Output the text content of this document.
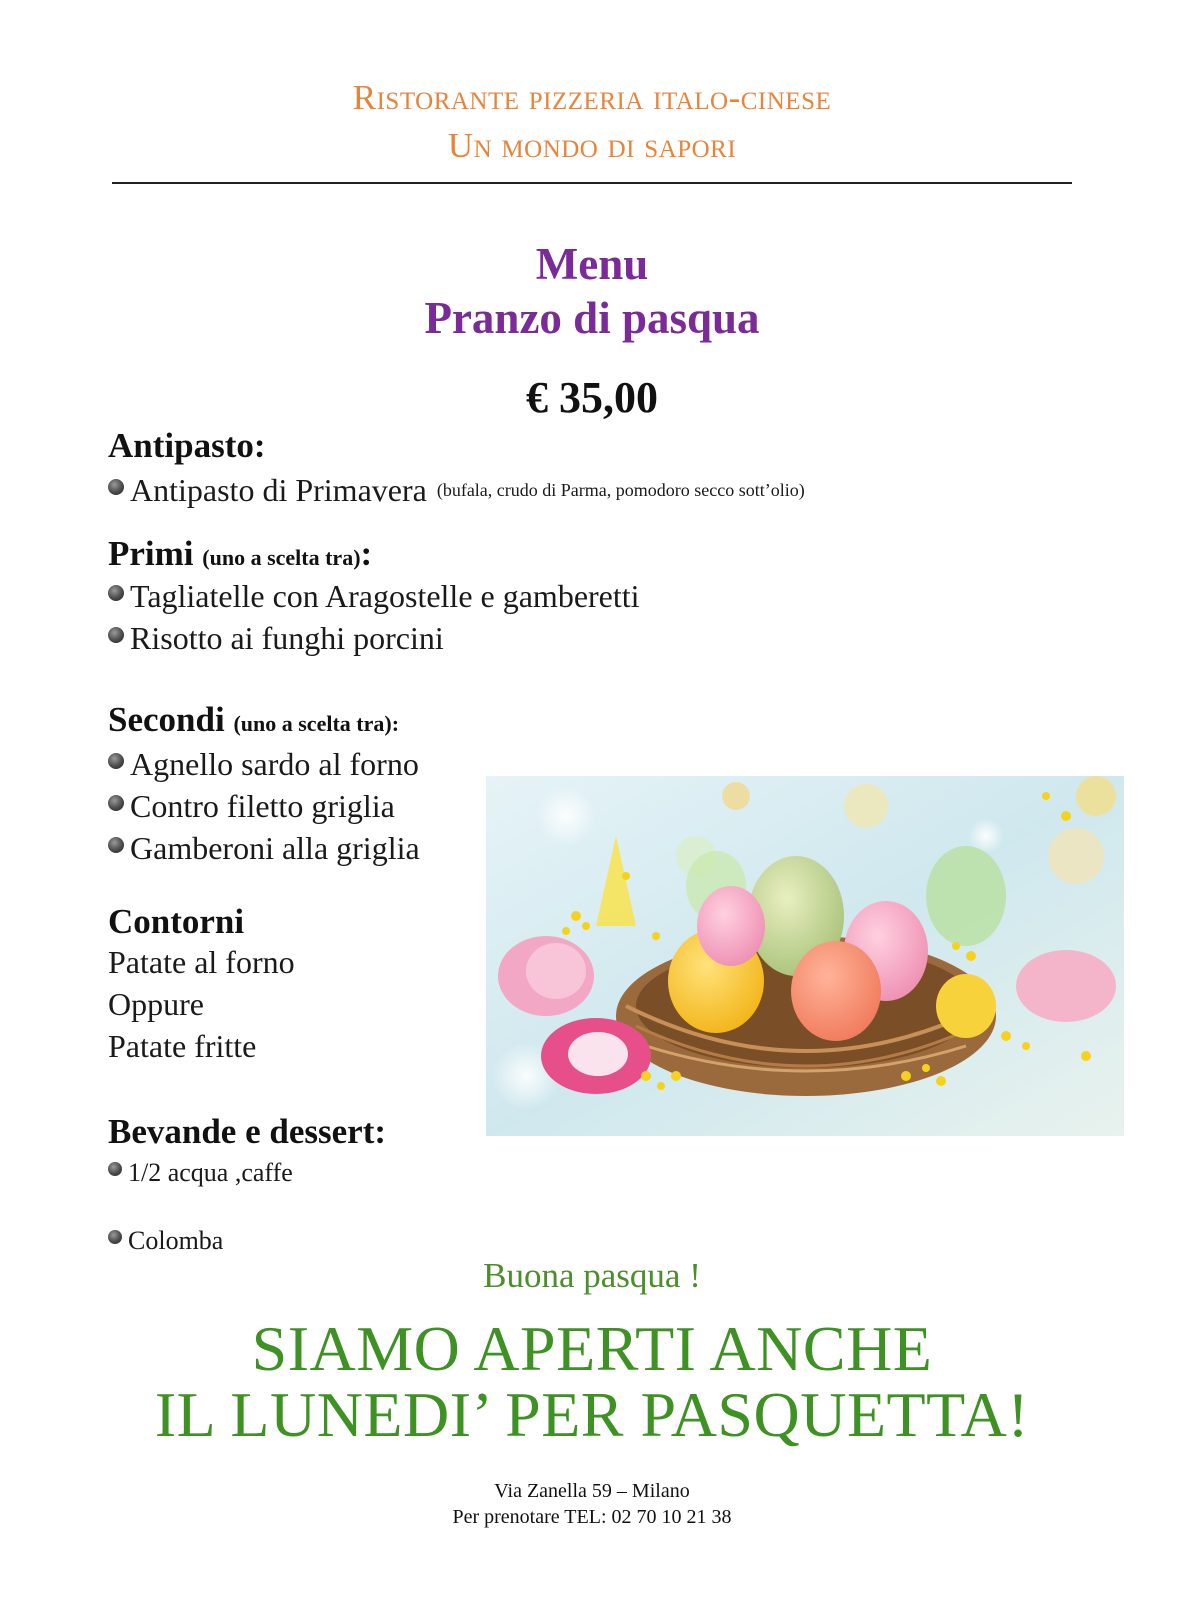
Ristorante pizzeria italo-cinese
Un mondo di sapori
Menu
Pranzo di pasqua
€ 35,00
Antipasto:
Antipasto di Primavera (bufala, crudo di Parma, pomodoro secco sott’olio)
Primi (uno a scelta tra):
Tagliatelle con Aragostelle e gamberetti
Risotto ai funghi porcini
Secondi (uno a scelta tra):
Agnello sardo al forno
Contro filetto griglia
Gamberoni alla griglia
Contorni
Patate al forno
Oppure
Patate fritte
Bevande e dessert:
1/2 acqua ,caffe
Colomba
Buona pasqua !
SIAMO APERTI ANCHE
IL LUNEDI’ PER PASQUETTA!
Via Zanella 59 – Milano
Per prenotare TEL: 02 70 10 21 38
